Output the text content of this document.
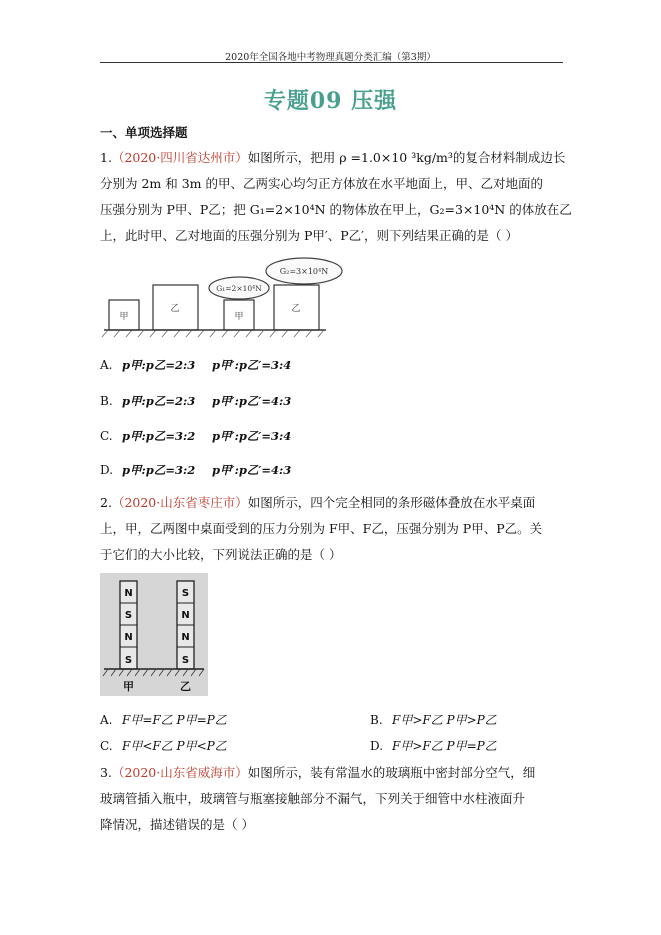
2020年全国各地中考物理真题分类汇编（第3期）
专题09 压强
一、单项选择题
1.（2020·四川省达州市）如图所示，把用 ρ =1.0×10 ³kg/m³的复合材料制成边长
分别为 2m 和 3m 的甲、乙两实心均匀正方体放在水平地面上，甲、乙对地面的
压强分别为 P甲、P乙；把 G₁=2×10⁴N 的物体放在甲上，G₂=3×10⁴N 的体放在乙
上，此时甲、乙对地面的压强分别为 P甲′、P乙′，则下列结果正确的是（ ）
甲
乙
甲
乙
G₁=2×10⁴N
G₂=3×10⁴N
A. p甲:p乙=2:3 p甲′:p乙′=3:4
B. p甲:p乙=2:3 p甲′:p乙′=4:3
C. p甲:p乙=3:2 p甲′:p乙′=3:4
D. p甲:p乙=3:2 p甲′:p乙′=4:3
2.（2020·山东省枣庄市）如图所示，四个完全相同的条形磁体叠放在水平桌面
上，甲，乙两图中桌面受到的压力分别为 F甲、F乙，压强分别为 P甲、P乙。关
于它们的大小比较，下列说法正确的是（ ）
N
S
N
S
S
N
N
S
甲	乙
A. F甲=F乙 P甲=P乙	B. F甲>F乙 P甲>P乙
C. F甲<F乙 P甲<P乙	D. F甲>F乙 P甲=P乙
3.（2020·山东省威海市）如图所示，装有常温水的玻璃瓶中密封部分空气，细
玻璃管插入瓶中，玻璃管与瓶塞接触部分不漏气，下列关于细管中水柱液面升
降情况，描述错误的是（ ）
